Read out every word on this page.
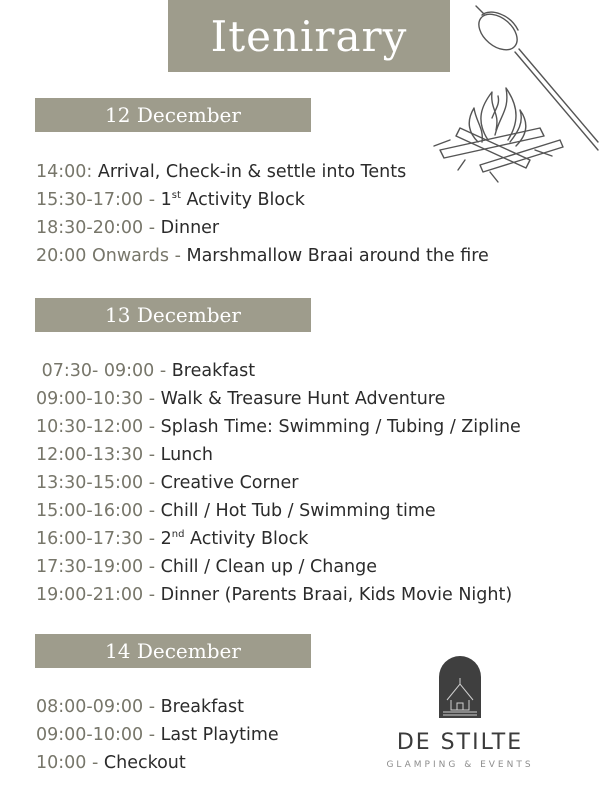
Itenirary
12 December
14:00: Arrival, Check-in & settle into Tents
15:30-17:00 - 1st Activity Block
18:30-20:00 - Dinner
20:00 Onwards - Marshmallow Braai around the fire
13 December
07:30- 09:00 - Breakfast
09:00-10:30 - Walk & Treasure Hunt Adventure
10:30-12:00 - Splash Time: Swimming / Tubing / Zipline
12:00-13:30 - Lunch
13:30-15:00 - Creative Corner
15:00-16:00 - Chill / Hot Tub / Swimming time
16:00-17:30 - 2nd Activity Block
17:30-19:00 - Chill / Clean up / Change
19:00-21:00 - Dinner (Parents Braai, Kids Movie Night)
14 December
08:00-09:00 - Breakfast
09:00-10:00 - Last Playtime
10:00 - Checkout
DE STILTE
GLAMPING & EVENTS
